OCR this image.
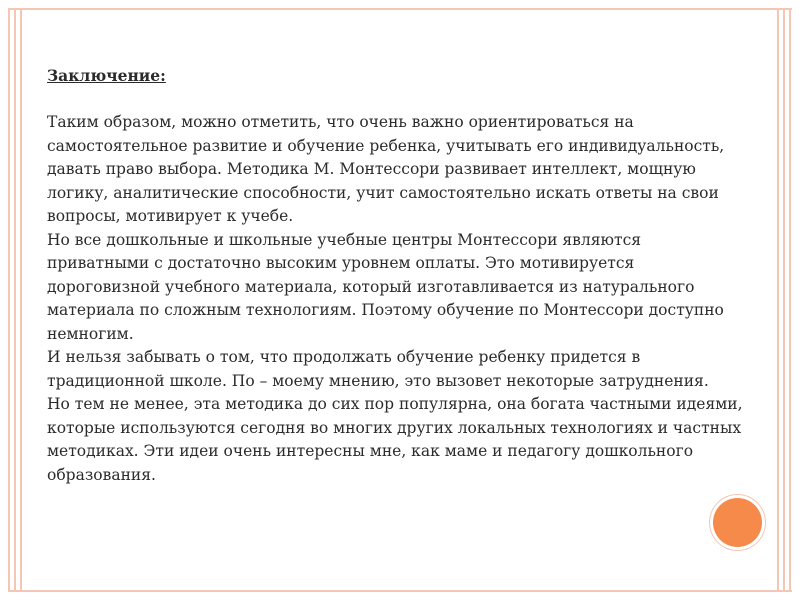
Заключение:

Таким образом, можно отметить, что очень важно ориентироваться на самостоятельное развитие и обучение ребенка, учитывать его индивидуальность, давать право выбора. Методика М. Монтессори развивает интеллект, мощную логику, аналитические способности, учит самостоятельно искать ответы на свои вопросы, мотивирует к учебе.

Но все дошкольные и школьные учебные центры Монтессори являются приватными с достаточно высоким уровнем оплаты. Это мотивируется дороговизной учебного материала, который изготавливается из натурального материала по сложным технологиям. Поэтому обучение по Монтессори доступно немногим.

И нельзя забывать о том, что продолжать обучение ребенку придется в традиционной школе. По – моему мнению, это вызовет некоторые затруднения.

Но тем не менее, эта методика до сих пор популярна, она богата частными идеями, которые используются сегодня во многих других локальных технологиях и частных методиках. Эти идеи очень интересны мне, как маме и педагогу дошкольного образования.
